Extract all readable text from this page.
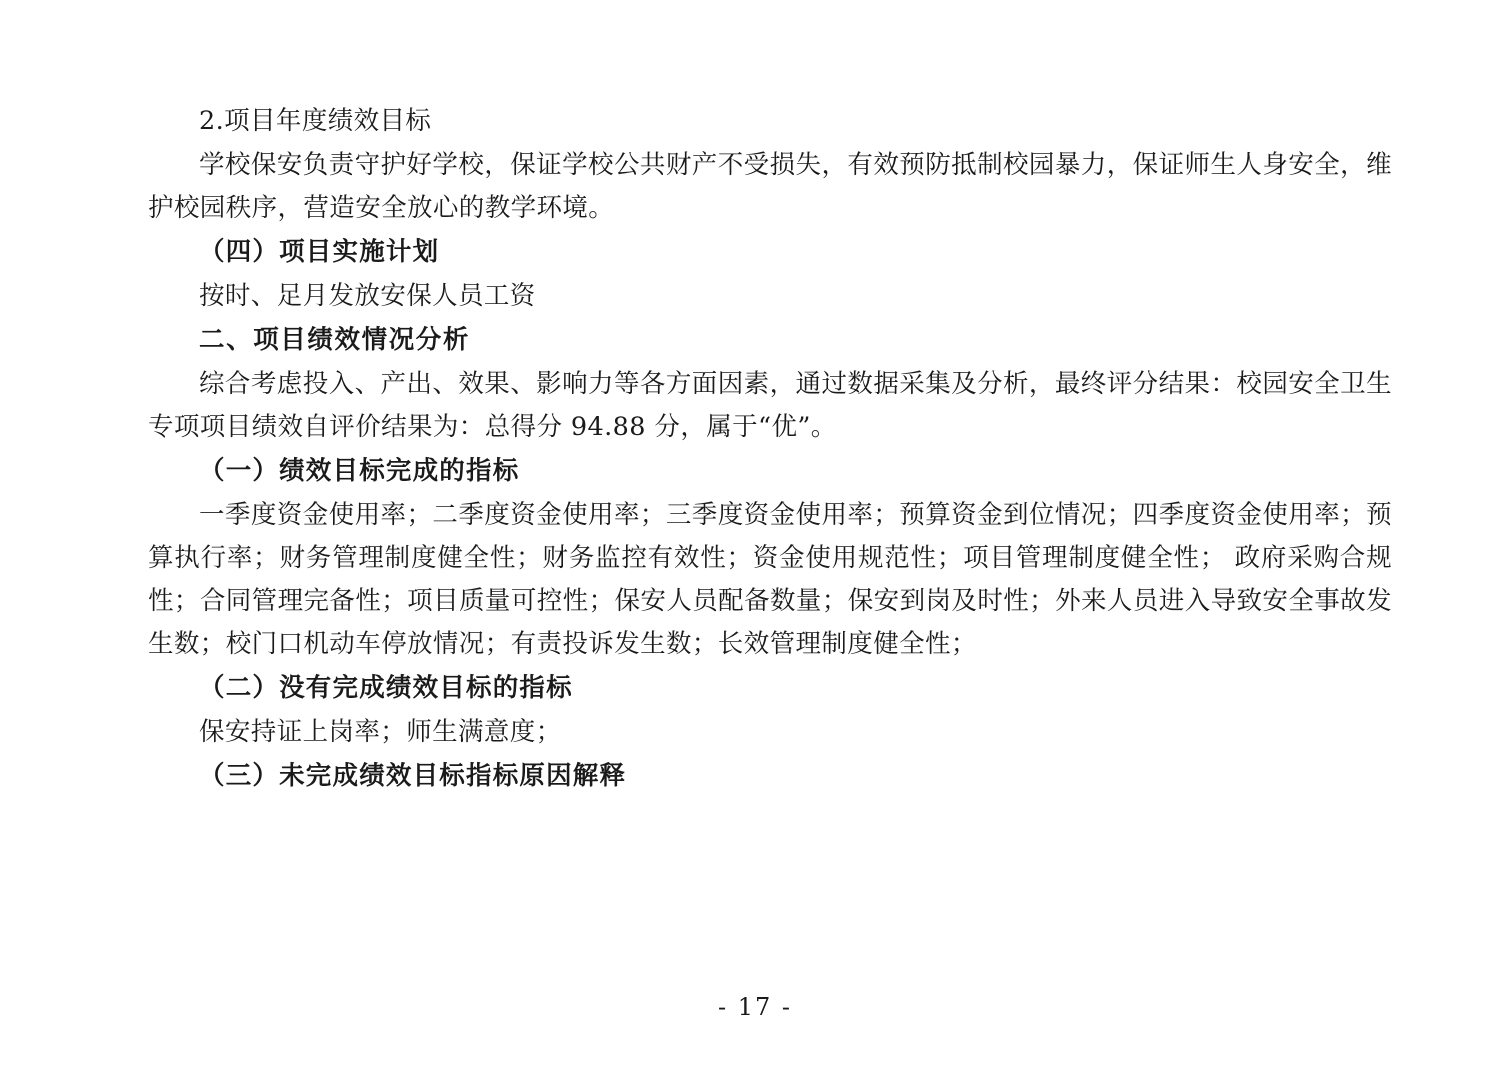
2.项目年度绩效目标

学校保安负责守护好学校，保证学校公共财产不受损失，有效预防抵制校园暴力，保证师生人身安全，维护校园秩序，营造安全放心的教学环境。

（四）项目实施计划

按时、足月发放安保人员工资

二、项目绩效情况分析

综合考虑投入、产出、效果、影响力等各方面因素，通过数据采集及分析，最终评分结果：校园安全卫生专项项目绩效自评价结果为：总得分 94.88 分，属于“优”。

（一）绩效目标完成的指标

一季度资金使用率；二季度资金使用率；三季度资金使用率；预算资金到位情况；四季度资金使用率；预算执行率；财务管理制度健全性；财务监控有效性；资金使用规范性；项目管理制度健全性； 政府采购合规性；合同管理完备性；项目质量可控性；保安人员配备数量；保安到岗及时性；外来人员进入导致安全事故发生数；校门口机动车停放情况；有责投诉发生数；长效管理制度健全性；

（二）没有完成绩效目标的指标

保安持证上岗率；师生满意度；

（三）未完成绩效目标指标原因解释

- 17 -
